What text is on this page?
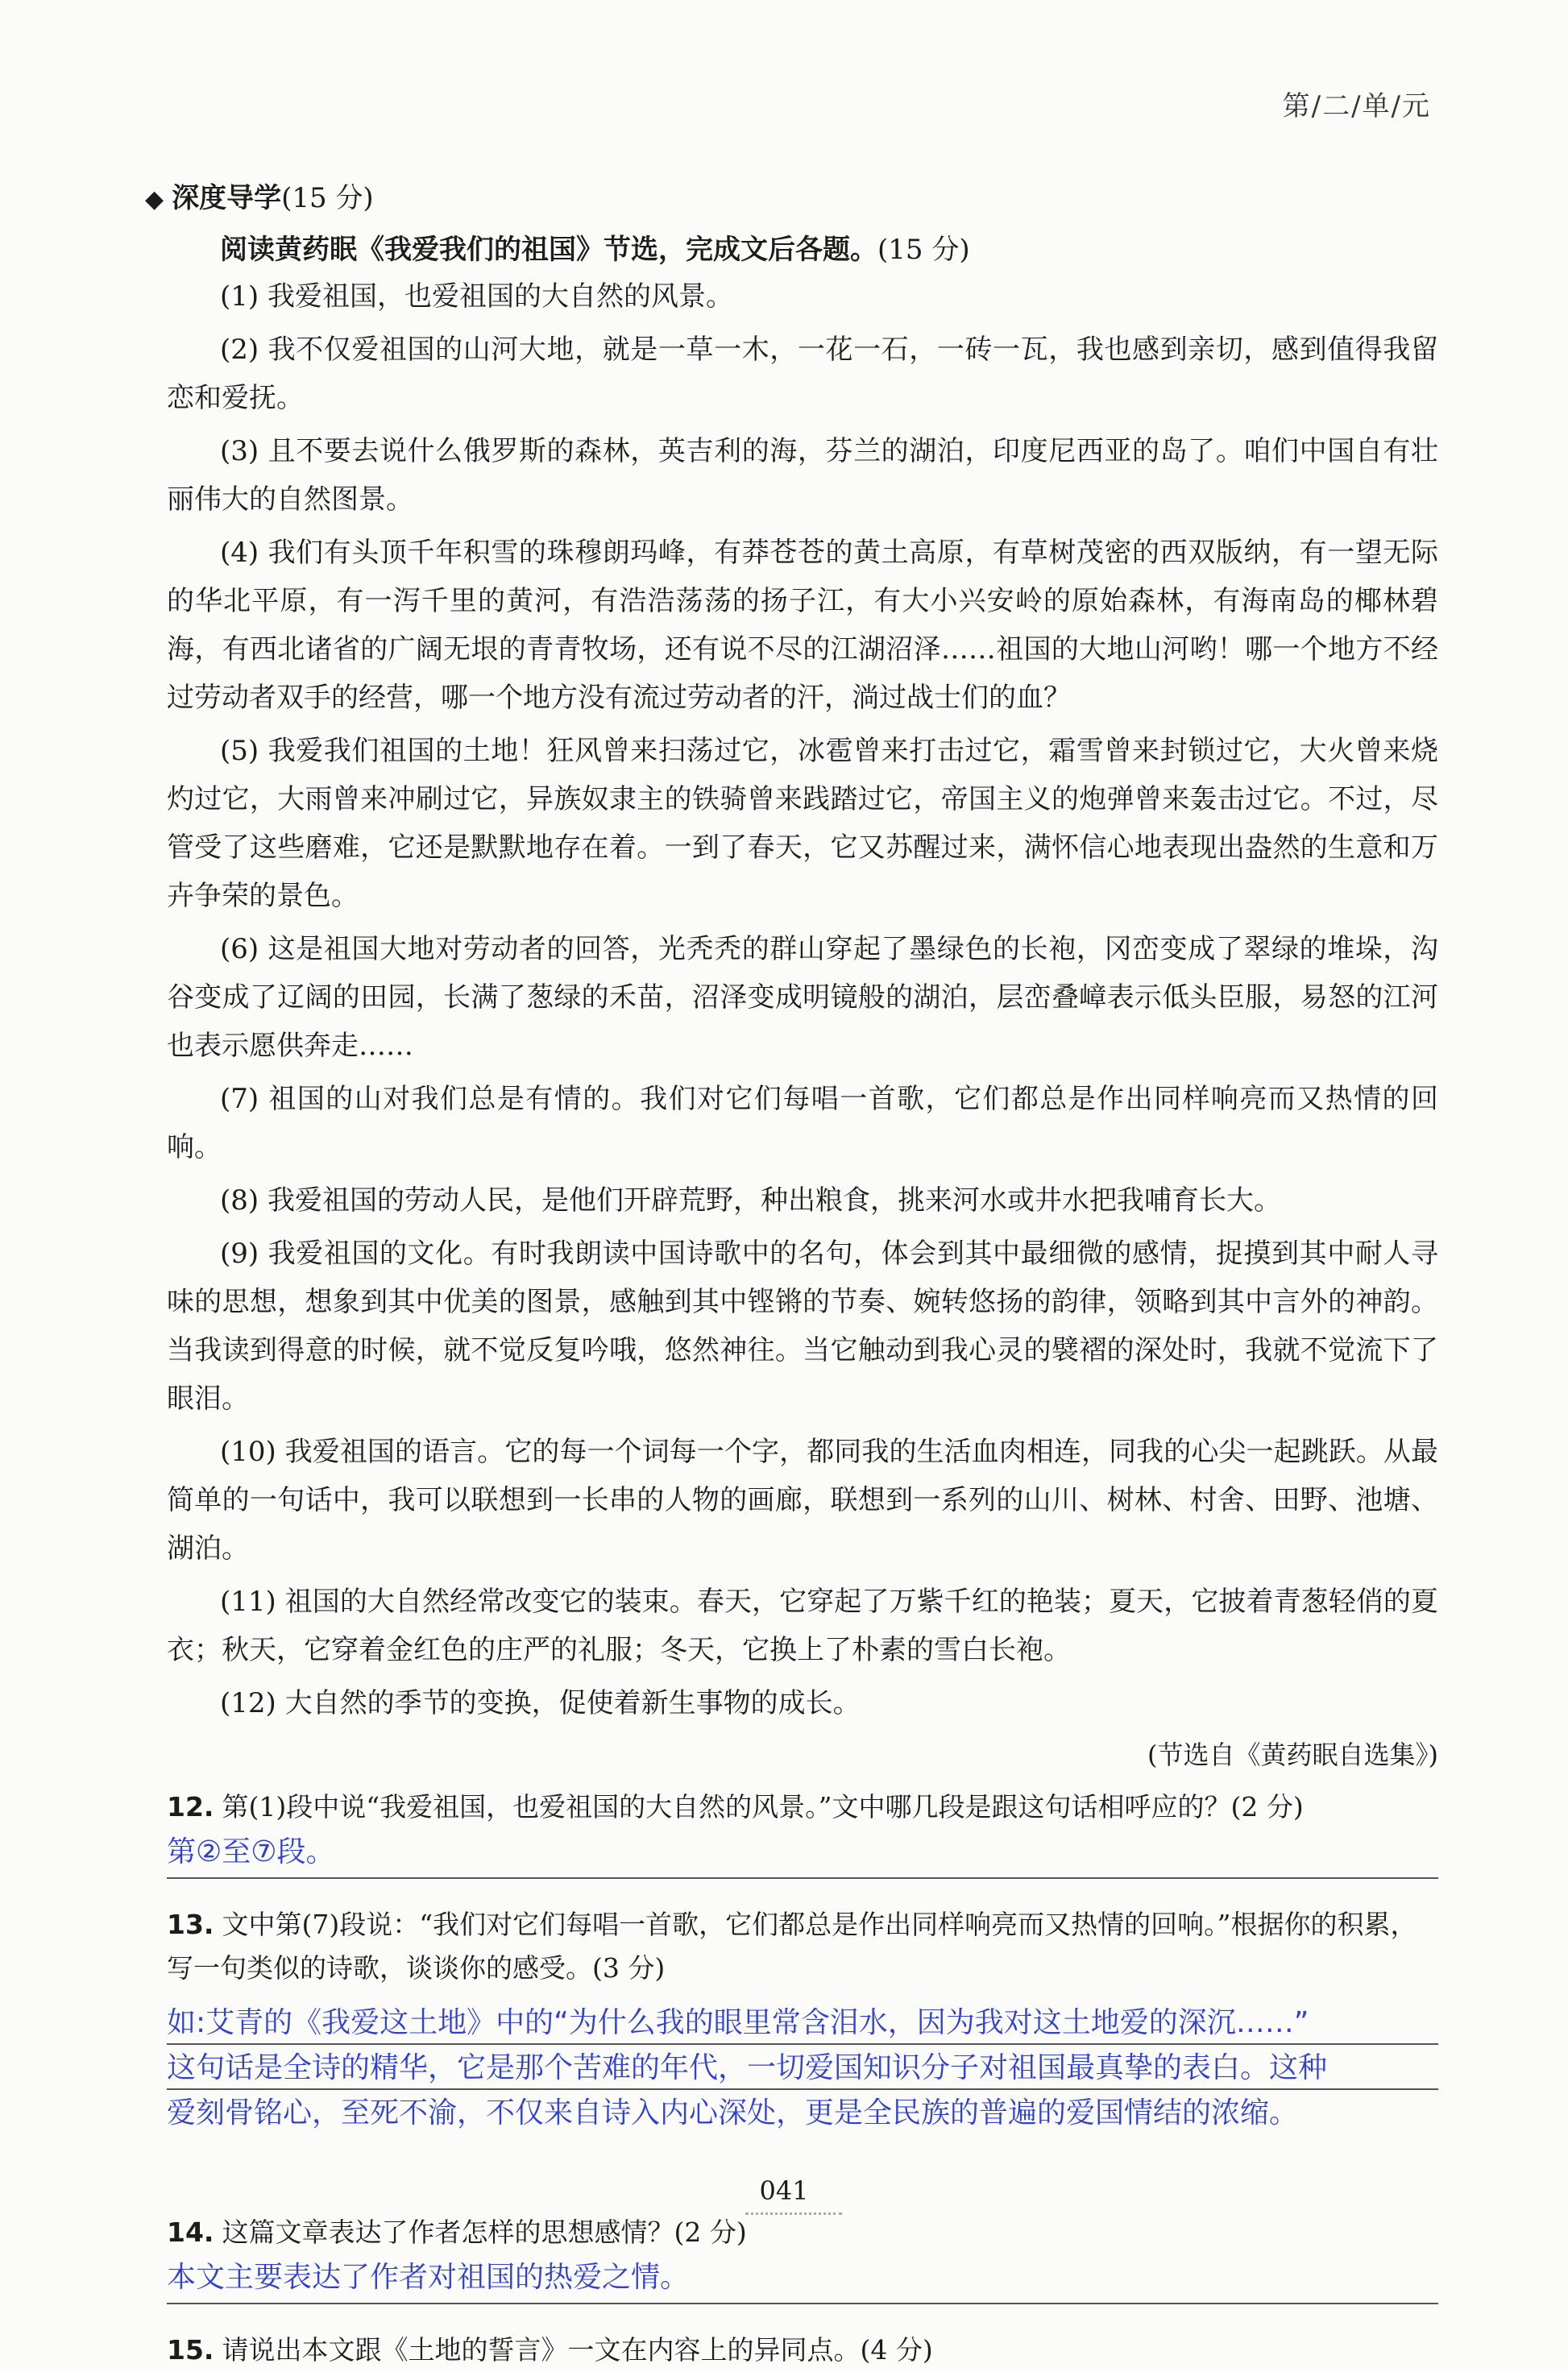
第/二/单/元
◆ 深度导学(15 分)
阅读黄药眠《我爱我们的祖国》节选，完成文后各题。(15 分)

(1) 我爱祖国，也爱祖国的大自然的风景。

(2) 我不仅爱祖国的山河大地，就是一草一木，一花一石，一砖一瓦，我也感到亲切，感到值得我留恋和爱抚。

(3) 且不要去说什么俄罗斯的森林，英吉利的海，芬兰的湖泊，印度尼西亚的岛了。咱们中国自有壮丽伟大的自然图景。

(4) 我们有头顶千年积雪的珠穆朗玛峰，有莽苍苍的黄土高原，有草树茂密的西双版纳，有一望无际的华北平原，有一泻千里的黄河，有浩浩荡荡的扬子江，有大小兴安岭的原始森林，有海南岛的椰林碧海，有西北诸省的广阔无垠的青青牧场，还有说不尽的江湖沼泽……祖国的大地山河哟！哪一个地方不经过劳动者双手的经营，哪一个地方没有流过劳动者的汗，淌过战士们的血？

(5) 我爱我们祖国的土地！狂风曾来扫荡过它，冰雹曾来打击过它，霜雪曾来封锁过它，大火曾来烧灼过它，大雨曾来冲刷过它，异族奴隶主的铁骑曾来践踏过它，帝国主义的炮弹曾来轰击过它。不过，尽管受了这些磨难，它还是默默地存在着。一到了春天，它又苏醒过来，满怀信心地表现出盎然的生意和万卉争荣的景色。

(6) 这是祖国大地对劳动者的回答，光秃秃的群山穿起了墨绿色的长袍，冈峦变成了翠绿的堆垛，沟谷变成了辽阔的田园，长满了葱绿的禾苗，沼泽变成明镜般的湖泊，层峦叠嶂表示低头臣服，易怒的江河也表示愿供奔走……

(7) 祖国的山对我们总是有情的。我们对它们每唱一首歌，它们都总是作出同样响亮而又热情的回响。

(8) 我爱祖国的劳动人民，是他们开辟荒野，种出粮食，挑来河水或井水把我哺育长大。

(9) 我爱祖国的文化。有时我朗读中国诗歌中的名句，体会到其中最细微的感情，捉摸到其中耐人寻味的思想，想象到其中优美的图景，感触到其中铿锵的节奏、婉转悠扬的韵律，领略到其中言外的神韵。当我读到得意的时候，就不觉反复吟哦，悠然神往。当它触动到我心灵的襞褶的深处时，我就不觉流下了眼泪。

(10) 我爱祖国的语言。它的每一个词每一个字，都同我的生活血肉相连，同我的心尖一起跳跃。从最简单的一句话中，我可以联想到一长串的人物的画廊，联想到一系列的山川、树林、村舍、田野、池塘、湖泊。

(11) 祖国的大自然经常改变它的装束。春天，它穿起了万紫千红的艳装；夏天，它披着青葱轻俏的夏衣；秋天，它穿着金红色的庄严的礼服；冬天，它换上了朴素的雪白长袍。

(12) 大自然的季节的变换，促使着新生事物的成长。

(节选自《黄药眠自选集》)

12. 第(1)段中说“我爱祖国，也爱祖国的大自然的风景。”文中哪几段是跟这句话相呼应的？(2 分)
第②至⑦段。
13. 文中第(7)段说：“我们对它们每唱一首歌，它们都总是作出同样响亮而又热情的回响。”根据你的积累，写一句类似的诗歌，谈谈你的感受。(3 分)
如:艾青的《我爱这土地》中的“为什么我的眼里常含泪水，因为我对这土地爱的深沉……”
这句话是全诗的精华，它是那个苦难的年代，一切爱国知识分子对祖国最真挚的表白。这种
爱刻骨铭心，至死不渝，不仅来自诗入内心深处，更是全民族的普遍的爱国情结的浓缩。
14. 这篇文章表达了作者怎样的思想感情？(2 分)
本文主要表达了作者对祖国的热爱之情。
15. 请说出本文跟《土地的誓言》一文在内容上的异同点。(4 分)
041
